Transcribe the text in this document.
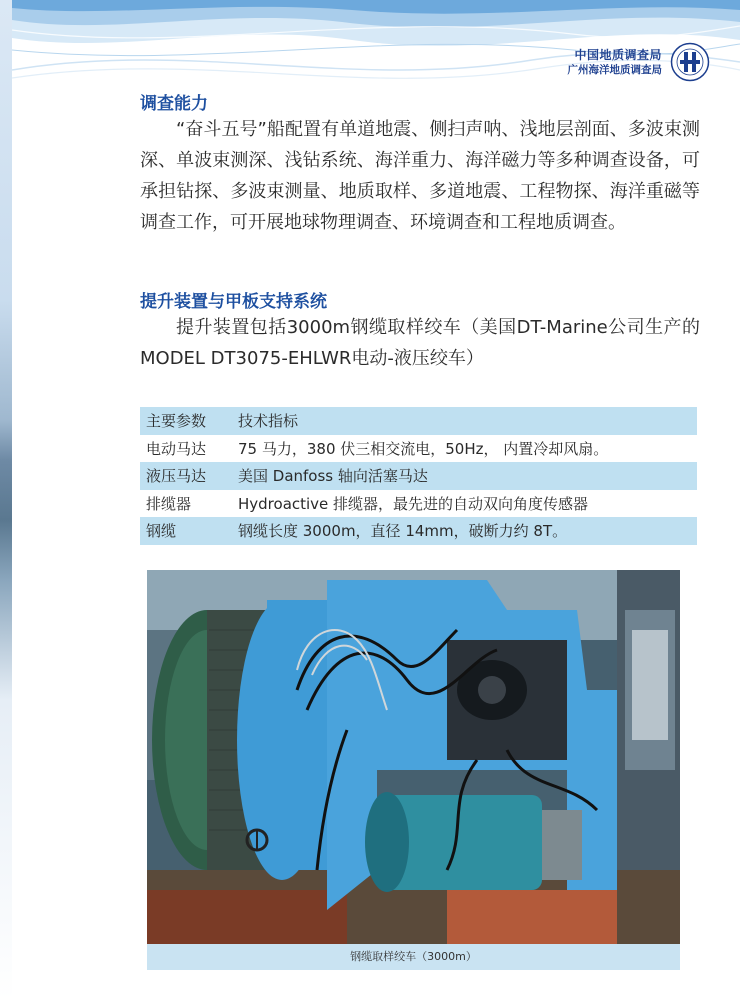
中国地质调查局
广州海洋地质调查局
调查能力

“奋斗五号”船配置有单道地震、侧扫声呐、浅地层剖面、多波束测深、单波束测深、浅钻系统、海洋重力、海洋磁力等多种调查设备，可承担钻探、多波束测量、地质取样、多道地震、工程物探、海洋重磁等调查工作，可开展地球物理调查、环境调查和工程地质调查。

提升装置与甲板支持系统

提升装置包括3000m钢缆取样绞车（美国DT-Marine公司生产的MODEL DT3075-EHLWR电动-液压绞车）

主要参数	技术指标
电动马达	75 马力，380 伏三相交流电，50Hz， 内置冷却风扇。
液压马达	美国 Danfoss 轴向活塞马达
排缆器	Hydroactive 排缆器，最先进的自动双向角度传感器
钢缆	钢缆长度 3000m，直径 14mm，破断力约 8T。
钢缆取样绞车（3000m）
